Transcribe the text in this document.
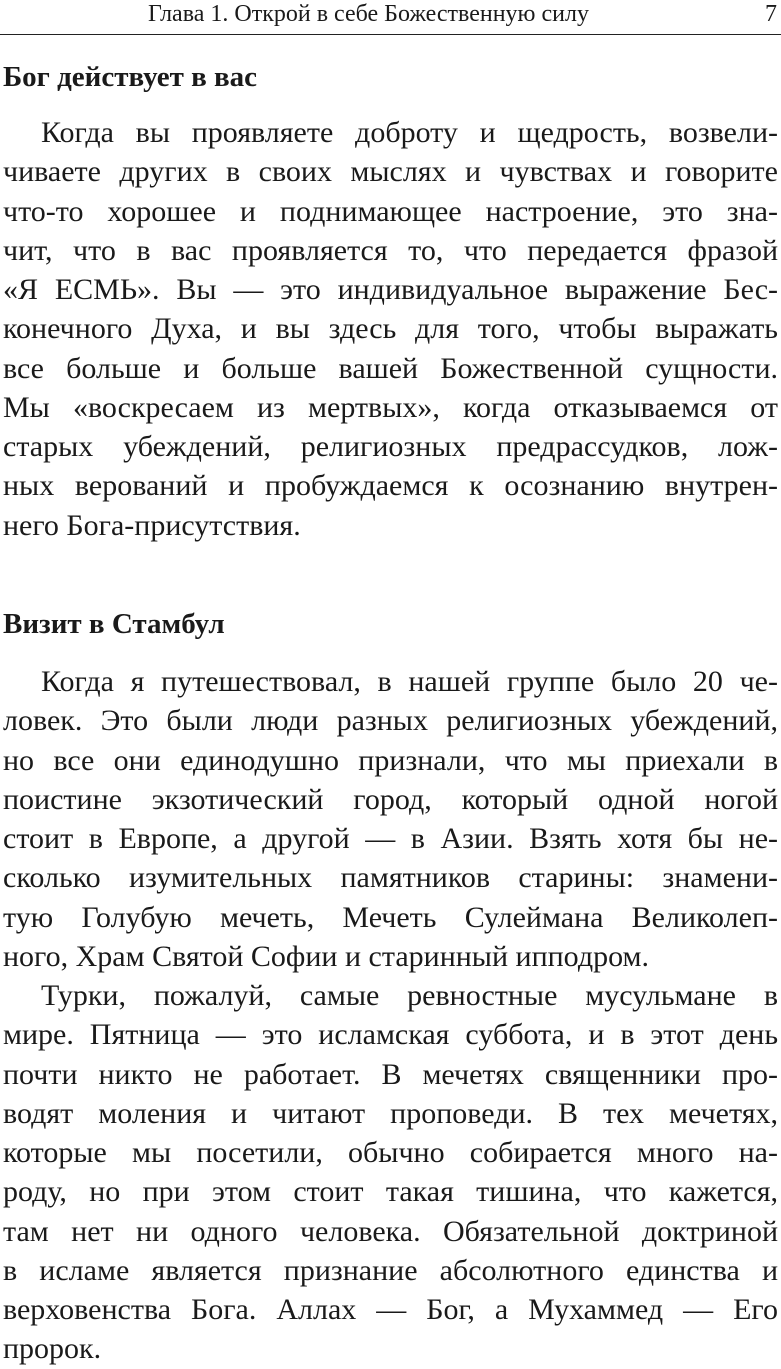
Глава 1. Открой в себе Божественную силу	7
Бог действует в вас
Когда вы проявляете доброту и щедрость, возвели-
чиваете других в своих мыслях и чувствах и говорите
что-то хорошее и поднимающее настроение, это зна-
чит, что в вас проявляется то, что передается фразой
«Я ЕСМЬ». Вы — это индивидуальное выражение Бес-
конечного Духа, и вы здесь для того, чтобы выражать
все больше и больше вашей Божественной сущности.
Мы «воскресаем из мертвых», когда отказываемся от
старых убеждений, религиозных предрассудков, лож-
ных верований и пробуждаемся к осознанию внутрен-
него Бога-присутствия.
Визит в Стамбул
Когда я путешествовал, в нашей группе было 20 че-
ловек. Это были люди разных религиозных убеждений,
но все они единодушно признали, что мы приехали в
поистине экзотический город, который одной ногой
стоит в Европе, а другой — в Азии. Взять хотя бы не-
сколько изумительных памятников старины: знамени-
тую Голубую мечеть, Мечеть Сулеймана Великолеп-
ного, Храм Святой Софии и старинный ипподром.
Турки, пожалуй, самые ревностные мусульмане в
мире. Пятница — это исламская суббота, и в этот день
почти никто не работает. В мечетях священники про-
водят моления и читают проповеди. В тех мечетях,
которые мы посетили, обычно собирается много на-
роду, но при этом стоит такая тишина, что кажется,
там нет ни одного человека. Обязательной доктриной
в исламе является признание абсолютного единства и
верховенства Бога. Аллах — Бог, а Мухаммед — Его
пророк.
